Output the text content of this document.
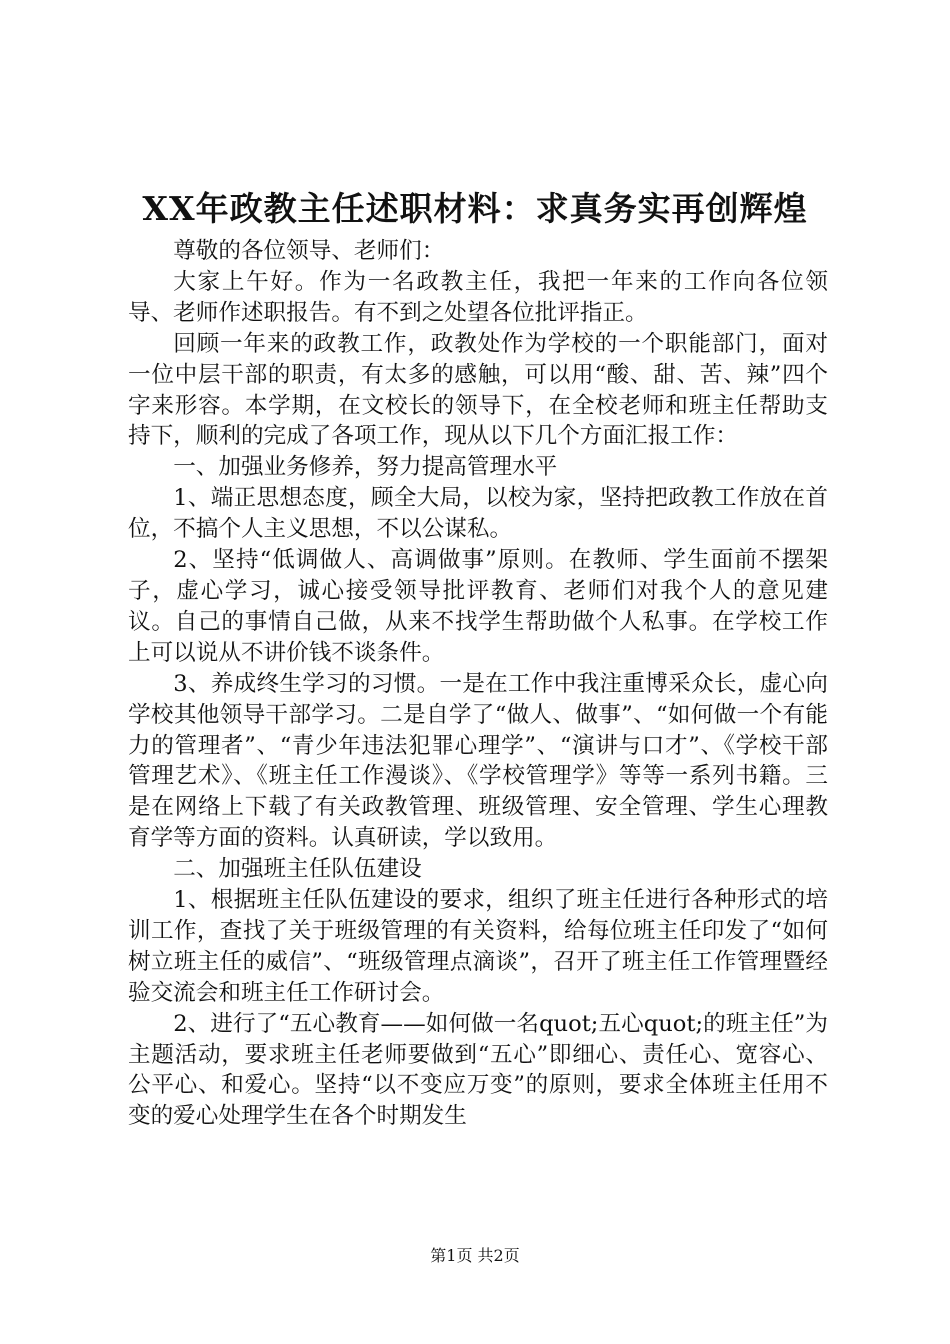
XX年政教主任述职材料：求真务实再创辉煌

尊敬的各位领导、老师们：

大家上午好。作为一名政教主任，我把一年来的工作向各位领导、老师作述职报告。有不到之处望各位批评指正。

回顾一年来的政教工作，政教处作为学校的一个职能部门，面对一位中层干部的职责，有太多的感触，可以用“酸、甜、苦、辣”四个字来形容。本学期，在文校长的领导下，在全校老师和班主任帮助支持下，顺利的完成了各项工作，现从以下几个方面汇报工作：

一、加强业务修养，努力提高管理水平

1、端正思想态度，顾全大局，以校为家，坚持把政教工作放在首位，不搞个人主义思想，不以公谋私。

2、坚持“低调做人、高调做事”原则。在教师、学生面前不摆架子，虚心学习，诚心接受领导批评教育、老师们对我个人的意见建议。自己的事情自己做，从来不找学生帮助做个人私事。在学校工作上可以说从不讲价钱不谈条件。

3、养成终生学习的习惯。一是在工作中我注重博采众长，虚心向学校其他领导干部学习。二是自学了“做人、做事”、“如何做一个有能力的管理者”、“青少年违法犯罪心理学”、“演讲与口才”、《学校干部管理艺术》、《班主任工作漫谈》、《学校管理学》等等一系列书籍。三是在网络上下载了有关政教管理、班级管理、安全管理、学生心理教育学等方面的资料。认真研读，学以致用。

二、加强班主任队伍建设

1、根据班主任队伍建设的要求，组织了班主任进行各种形式的培训工作，查找了关于班级管理的有关资料，给每位班主任印发了“如何树立班主任的威信”、“班级管理点滴谈”，召开了班主任工作管理暨经验交流会和班主任工作研讨会。

2、进行了“五心教育——如何做一名quot;五心quot;的班主任”为主题活动，要求班主任老师要做到“五心”即细心、责任心、宽容心、公平心、和爱心。坚持“以不变应万变”的原则，要求全体班主任用不变的爱心处理学生在各个时期发生

第1页 共2页
